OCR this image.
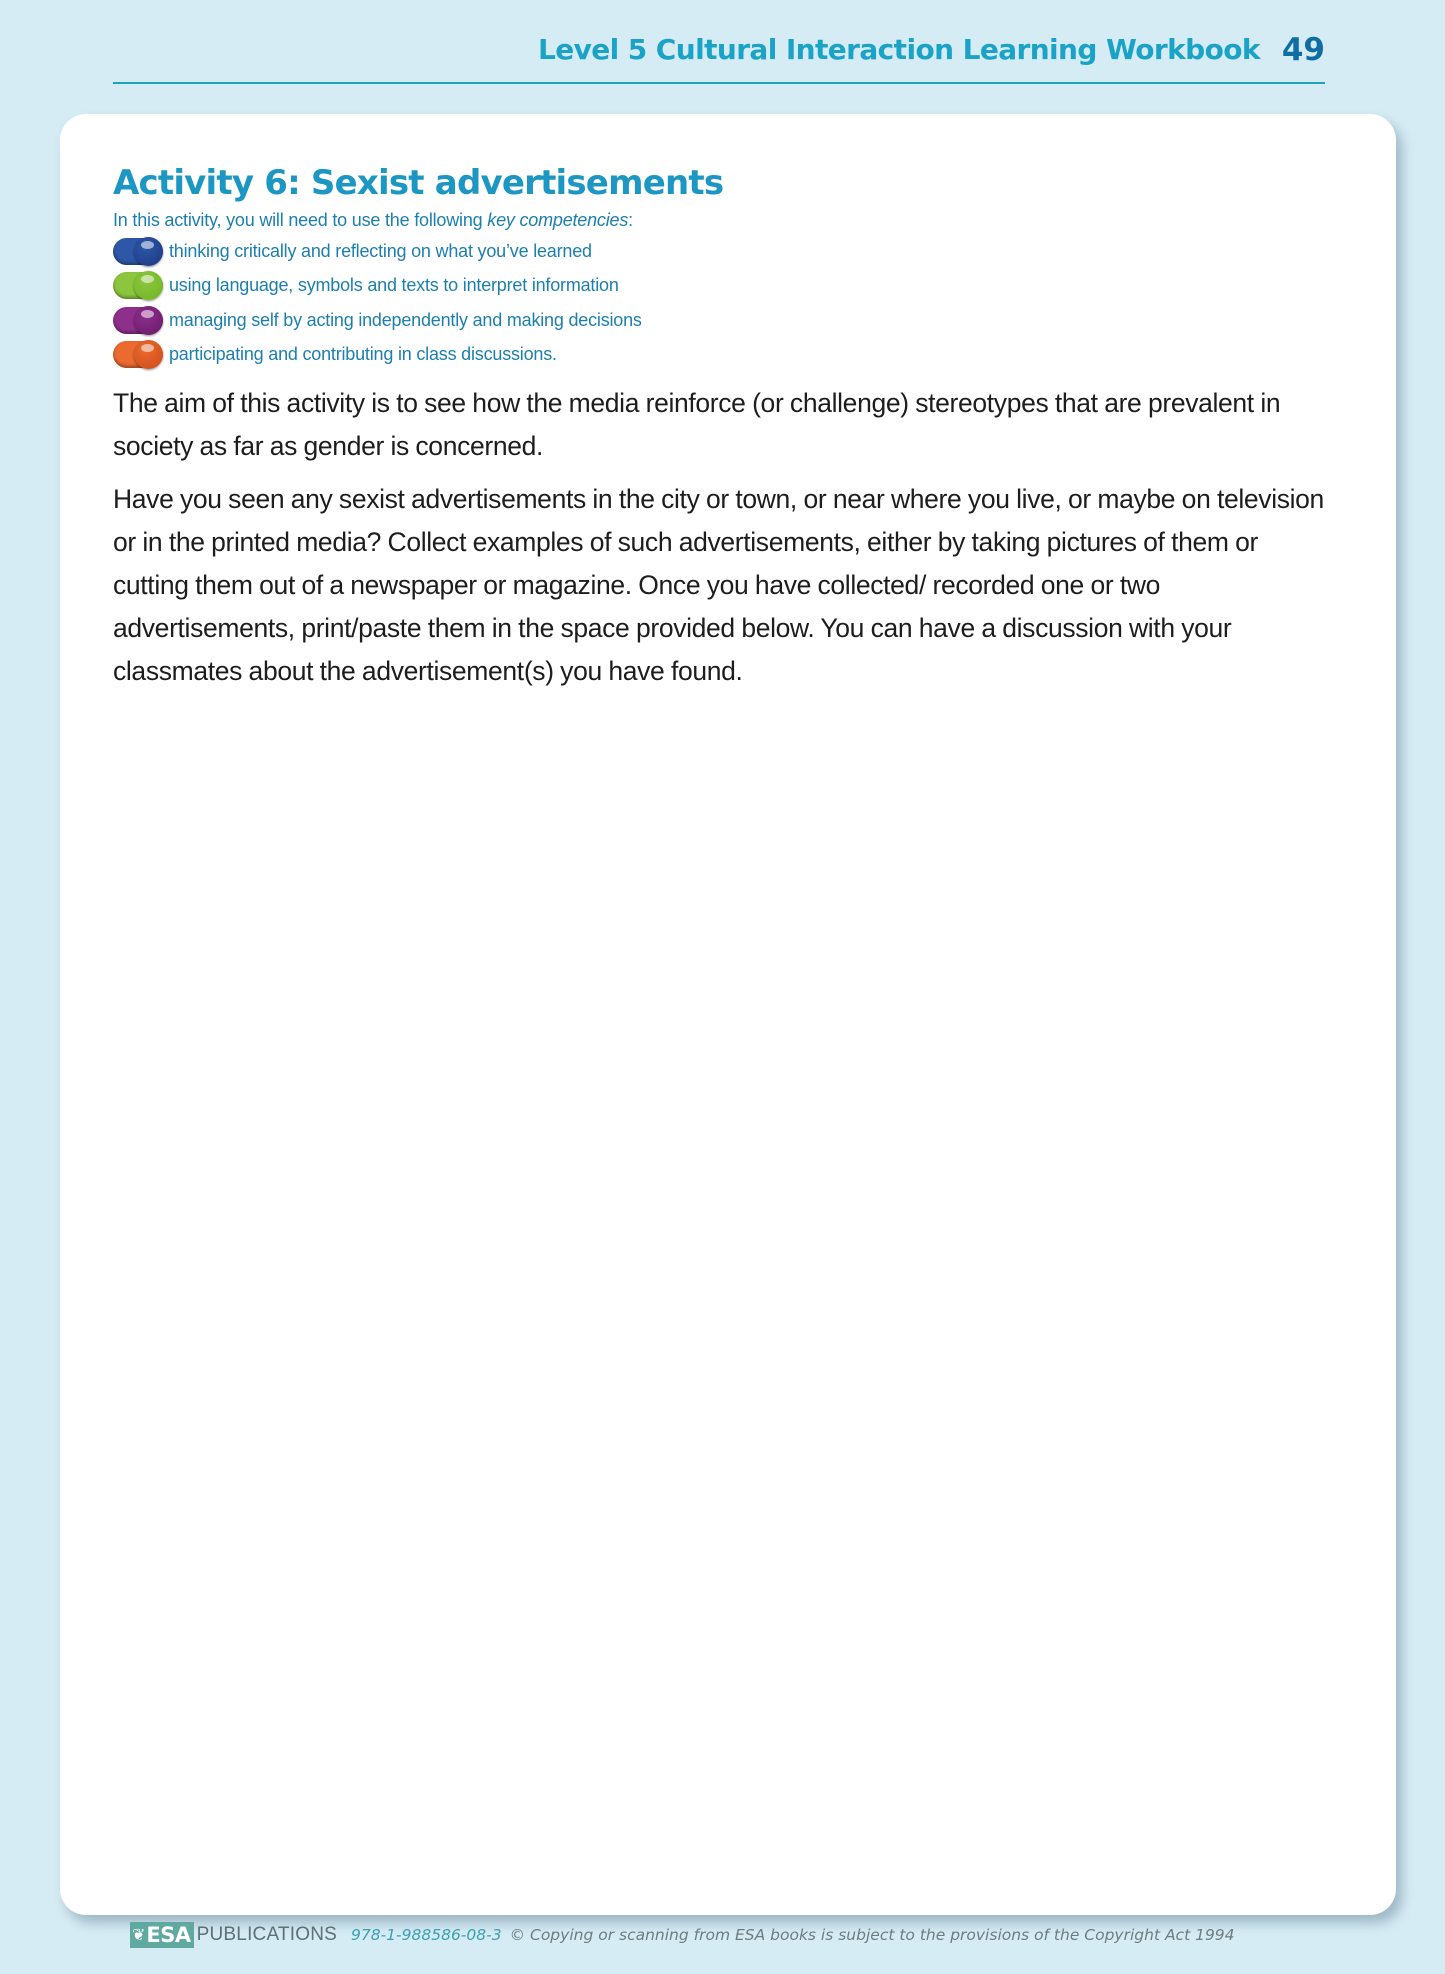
Level 5 Cultural Interaction Learning Workbook 49
Activity 6: Sexist advertisements
In this activity, you will need to use the following key competencies:
thinking critically and reflecting on what you’ve learned
using language, symbols and texts to interpret information
managing self by acting independently and making decisions
participating and contributing in class discussions.

The aim of this activity is to see how the media reinforce (or challenge) stereotypes that are prevalent in society as far as gender is concerned.

Have you seen any sexist advertisements in the city or town, or near where you live, or maybe on television or in the printed media? Collect examples of such advertisements, either by taking pictures of them or cutting them out of a newspaper or magazine. Once you have collected/ recorded one or two advertisements, print/paste them in the space provided below. You can have a discussion with your classmates about the advertisement(s) you have found.

❦ ESA PUBLICATIONS 978-1-988586-08-3 © Copying or scanning from ESA books is subject to the provisions of the Copyright Act 1994
